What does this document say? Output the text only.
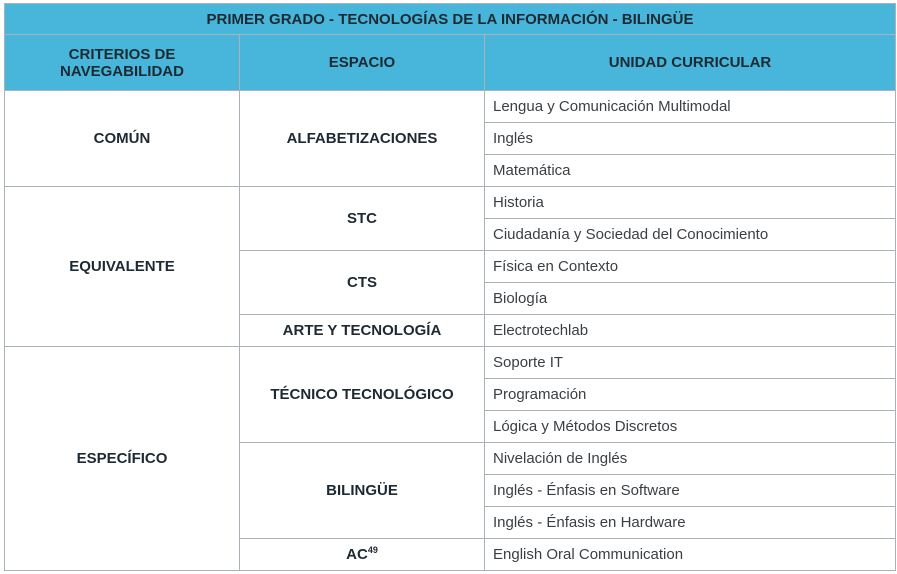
PRIMER GRADO - TECNOLOGÍAS DE LA INFORMACIÓN - BILINGÜE		
CRITERIOS DE
NAVEGABILIDAD	ESPACIO	UNIDAD CURRICULAR
COMÚN	ALFABETIZACIONES	Lengua y Comunicación Multimodal
		Inglés
		Matemática
EQUIVALENTE	STC	Historia
		Ciudadanía y Sociedad del Conocimiento
	CTS	Física en Contexto
		Biología
	ARTE Y TECNOLOGÍA	Electrotechlab
ESPECÍFICO	TÉCNICO TECNOLÓGICO	Soporte IT
		Programación
		Lógica y Métodos Discretos
	BILINGÜE	Nivelación de Inglés
		Inglés - Énfasis en Software
		Inglés - Énfasis en Hardware
	AC$^{49}$	English Oral Communication
